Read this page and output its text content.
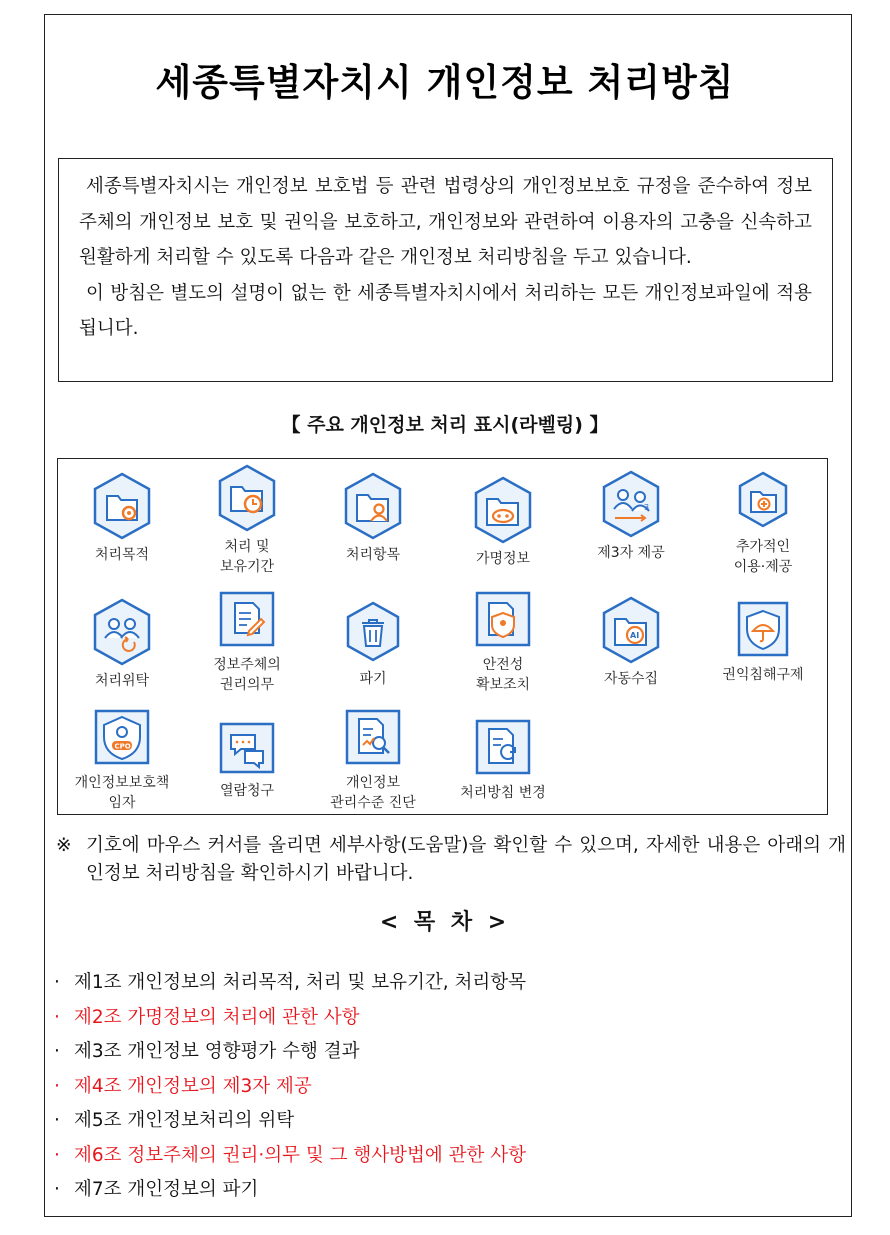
세종특별자치시 개인정보 처리방침

세종특별자치시는 개인정보 보호법 등 관련 법령상의 개인정보보호 규정을 준수하여 정보주체의 개인정보 보호 및 권익을 보호하고, 개인정보와 관련하여 이용자의 고충을 신속하고 원활하게 처리할 수 있도록 다음과 같은 개인정보 처리방침을 두고 있습니다.

이 방침은 별도의 설명이 없는 한 세종특별자치시에서 처리하는 모든 개인정보파일에 적용됩니다.

【 주요 개인정보 처리 표시(라벨링) 】
처리목적	처리 및
보유기간
처리항목	가명정보
3
제3자 제공	추가적인
이용·제공
처리위탁
정보주체의
권리의무	파기
안전성
확보조치
AI
자동수집	권익침해구제
CPO
개인정보보호책
임자
열람청구	개인정보
관리수준 진단
처리방침 변경
※ 기호에 마우스 커서를 올리면 세부사항(도움말)을 확인할 수 있으며, 자세한 내용은 아래의 개인정보 처리방침을 확인하시기 바랍니다.
< 목 차 >
· 제1조 개인정보의 처리목적, 처리 및 보유기간, 처리항목
· 제2조 가명정보의 처리에 관한 사항
· 제3조 개인정보 영향평가 수행 결과
· 제4조 개인정보의 제3자 제공
· 제5조 개인정보처리의 위탁
· 제6조 정보주체의 권리·의무 및 그 행사방법에 관한 사항
· 제7조 개인정보의 파기
